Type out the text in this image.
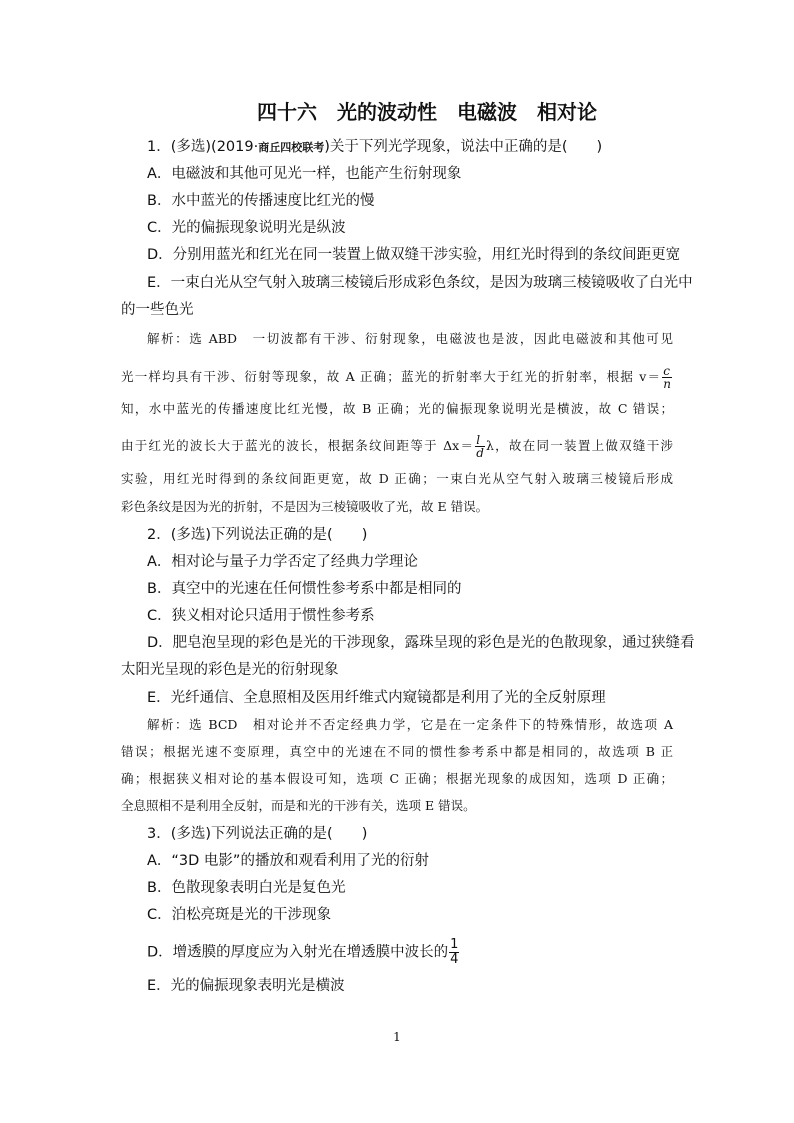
四十六　光的波动性　电磁波　相对论
1．(多选)(2019·商丘四校联考)关于下列光学现象，说法中正确的是(　　)
A．电磁波和其他可见光一样，也能产生衍射现象
B．水中蓝光的传播速度比红光的慢
C．光的偏振现象说明光是纵波
D．分别用蓝光和红光在同一装置上做双缝干涉实验，用红光时得到的条纹间距更宽
E．一束白光从空气射入玻璃三棱镜后形成彩色条纹，是因为玻璃三棱镜吸收了白光中
的一些色光
解析：选 ABD　一切波都有干涉、衍射现象，电磁波也是波，因此电磁波和其他可见
光一样均具有干涉、衍射等现象，故 A 正确；蓝光的折射率大于红光的折射率，根据 $v= \frac{c}{n}$
知，水中蓝光的传播速度比红光慢，故 B 正确；光的偏振现象说明光是横波，故 C 错误；
由于红光的波长大于蓝光的波长，根据条纹间距等于 $\Delta x= \frac{l}{d}$ λ，故在同一装置上做双缝干涉
实验，用红光时得到的条纹间距更宽，故 D 正确；一束白光从空气射入玻璃三棱镜后形成
彩色条纹是因为光的折射，不是因为三棱镜吸收了光，故 E 错误。
2．(多选)下列说法正确的是(　　)
A．相对论与量子力学否定了经典力学理论
B．真空中的光速在任何惯性参考系中都是相同的
C．狭义相对论只适用于惯性参考系
D．肥皂泡呈现的彩色是光的干涉现象，露珠呈现的彩色是光的色散现象，通过狭缝看
太阳光呈现的彩色是光的衍射现象
E．光纤通信、全息照相及医用纤维式内窥镜都是利用了光的全反射原理
解析：选 BCD　相对论并不否定经典力学，它是在一定条件下的特殊情形，故选项 A
错误；根据光速不变原理，真空中的光速在不同的惯性参考系中都是相同的，故选项 B 正
确；根据狭义相对论的基本假设可知，选项 C 正确；根据光现象的成因知，选项 D 正确；
全息照相不是利用全反射，而是和光的干涉有关，选项 E 错误。
3．(多选)下列说法正确的是(　　)
A．“3D 电影”的播放和观看利用了光的衍射
B．色散现象表明白光是复色光
C．泊松亮斑是光的干涉现象
D．增透膜的厚度应为入射光在增透膜中波长的 $\frac{1}{4}$
E．光的偏振现象表明光是横波
1
